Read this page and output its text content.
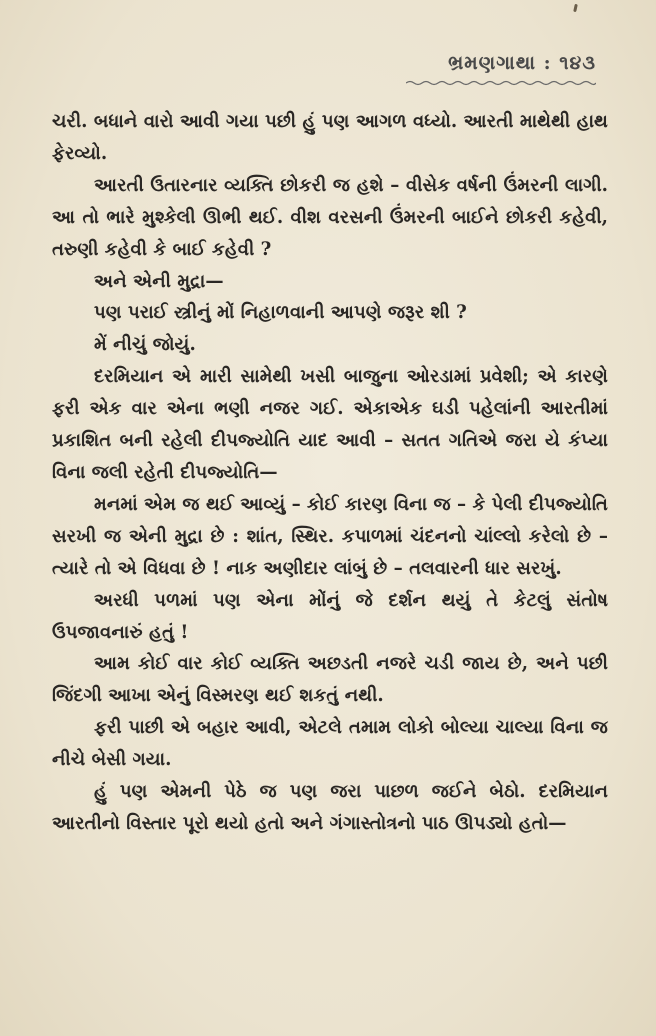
ભ્રમણગાથા : ૧૪૩

ચરી. બધાને વારો આવી ગયા પછી હું પણ આગળ વધ્યો. આરતી માથેથી હાથ ફેરવ્યો.

આરતી ઉતારનાર વ્યક્તિ છોકરી જ હશે – વીસેક વર્ષની ઉંમરની લાગી. આ તો ભારે મુશ્કેલી ઊભી થઈ. વીશ વરસની ઉંમરની બાઈને છોકરી કહેવી, તરુણી કહેવી કે બાઈ કહેવી ?

અને એની મુદ્રા—

પણ પરાઈ સ્ત્રીનું મોં નિહાળવાની આપણે જરૂર શી ?

મેં નીચું જોયું.

દરમિયાન એ મારી સામેથી ખસી બાજુના ઓરડામાં પ્રવેશી; એ કારણે ફરી એક વાર એના ભણી નજર ગઈ. એકાએક ઘડી પહેલાંની આરતીમાં પ્રકાશિત બની રહેલી દીપજ્યોતિ યાદ આવી – સતત ગતિએ જરા યે કંપ્યા વિના જલી રહેતી દીપજ્યોતિ—

મનમાં એમ જ થઈ આવ્યું – કોઈ કારણ વિના જ – કે પેલી દીપજ્યોતિ સરખી જ એની મુદ્રા છે : શાંત, સ્થિર. કપાળમાં ચંદનનો ચાંલ્લો કરેલો છે – ત્યારે તો એ વિધવા છે ! નાક અણીદાર લાંબું છે – તલવારની ધાર સરખું.

અરધી પળમાં પણ એના મોંનું જે દર્શન થયું તે કેટલું સંતોષ ઉપજાવનારું હતું !

આમ કોઈ વાર કોઈ વ્યક્તિ અછડતી નજરે ચડી જાય છે, અને પછી જિંદગી આખા એનું વિસ્મરણ થઈ શકતું નથી.

ફરી પાછી એ બહાર આવી, એટલે તમામ લોકો બોલ્યા ચાલ્યા વિના જ નીચે બેસી ગયા.

હું પણ એમની પેઠે જ પણ જરા પાછળ જઈને બેઠો. દરમિયાન આરતીનો વિસ્તાર પૂરો થયો હતો અને ગંગાસ્તોત્રનો પાઠ ઊપડ્યો હતો—
